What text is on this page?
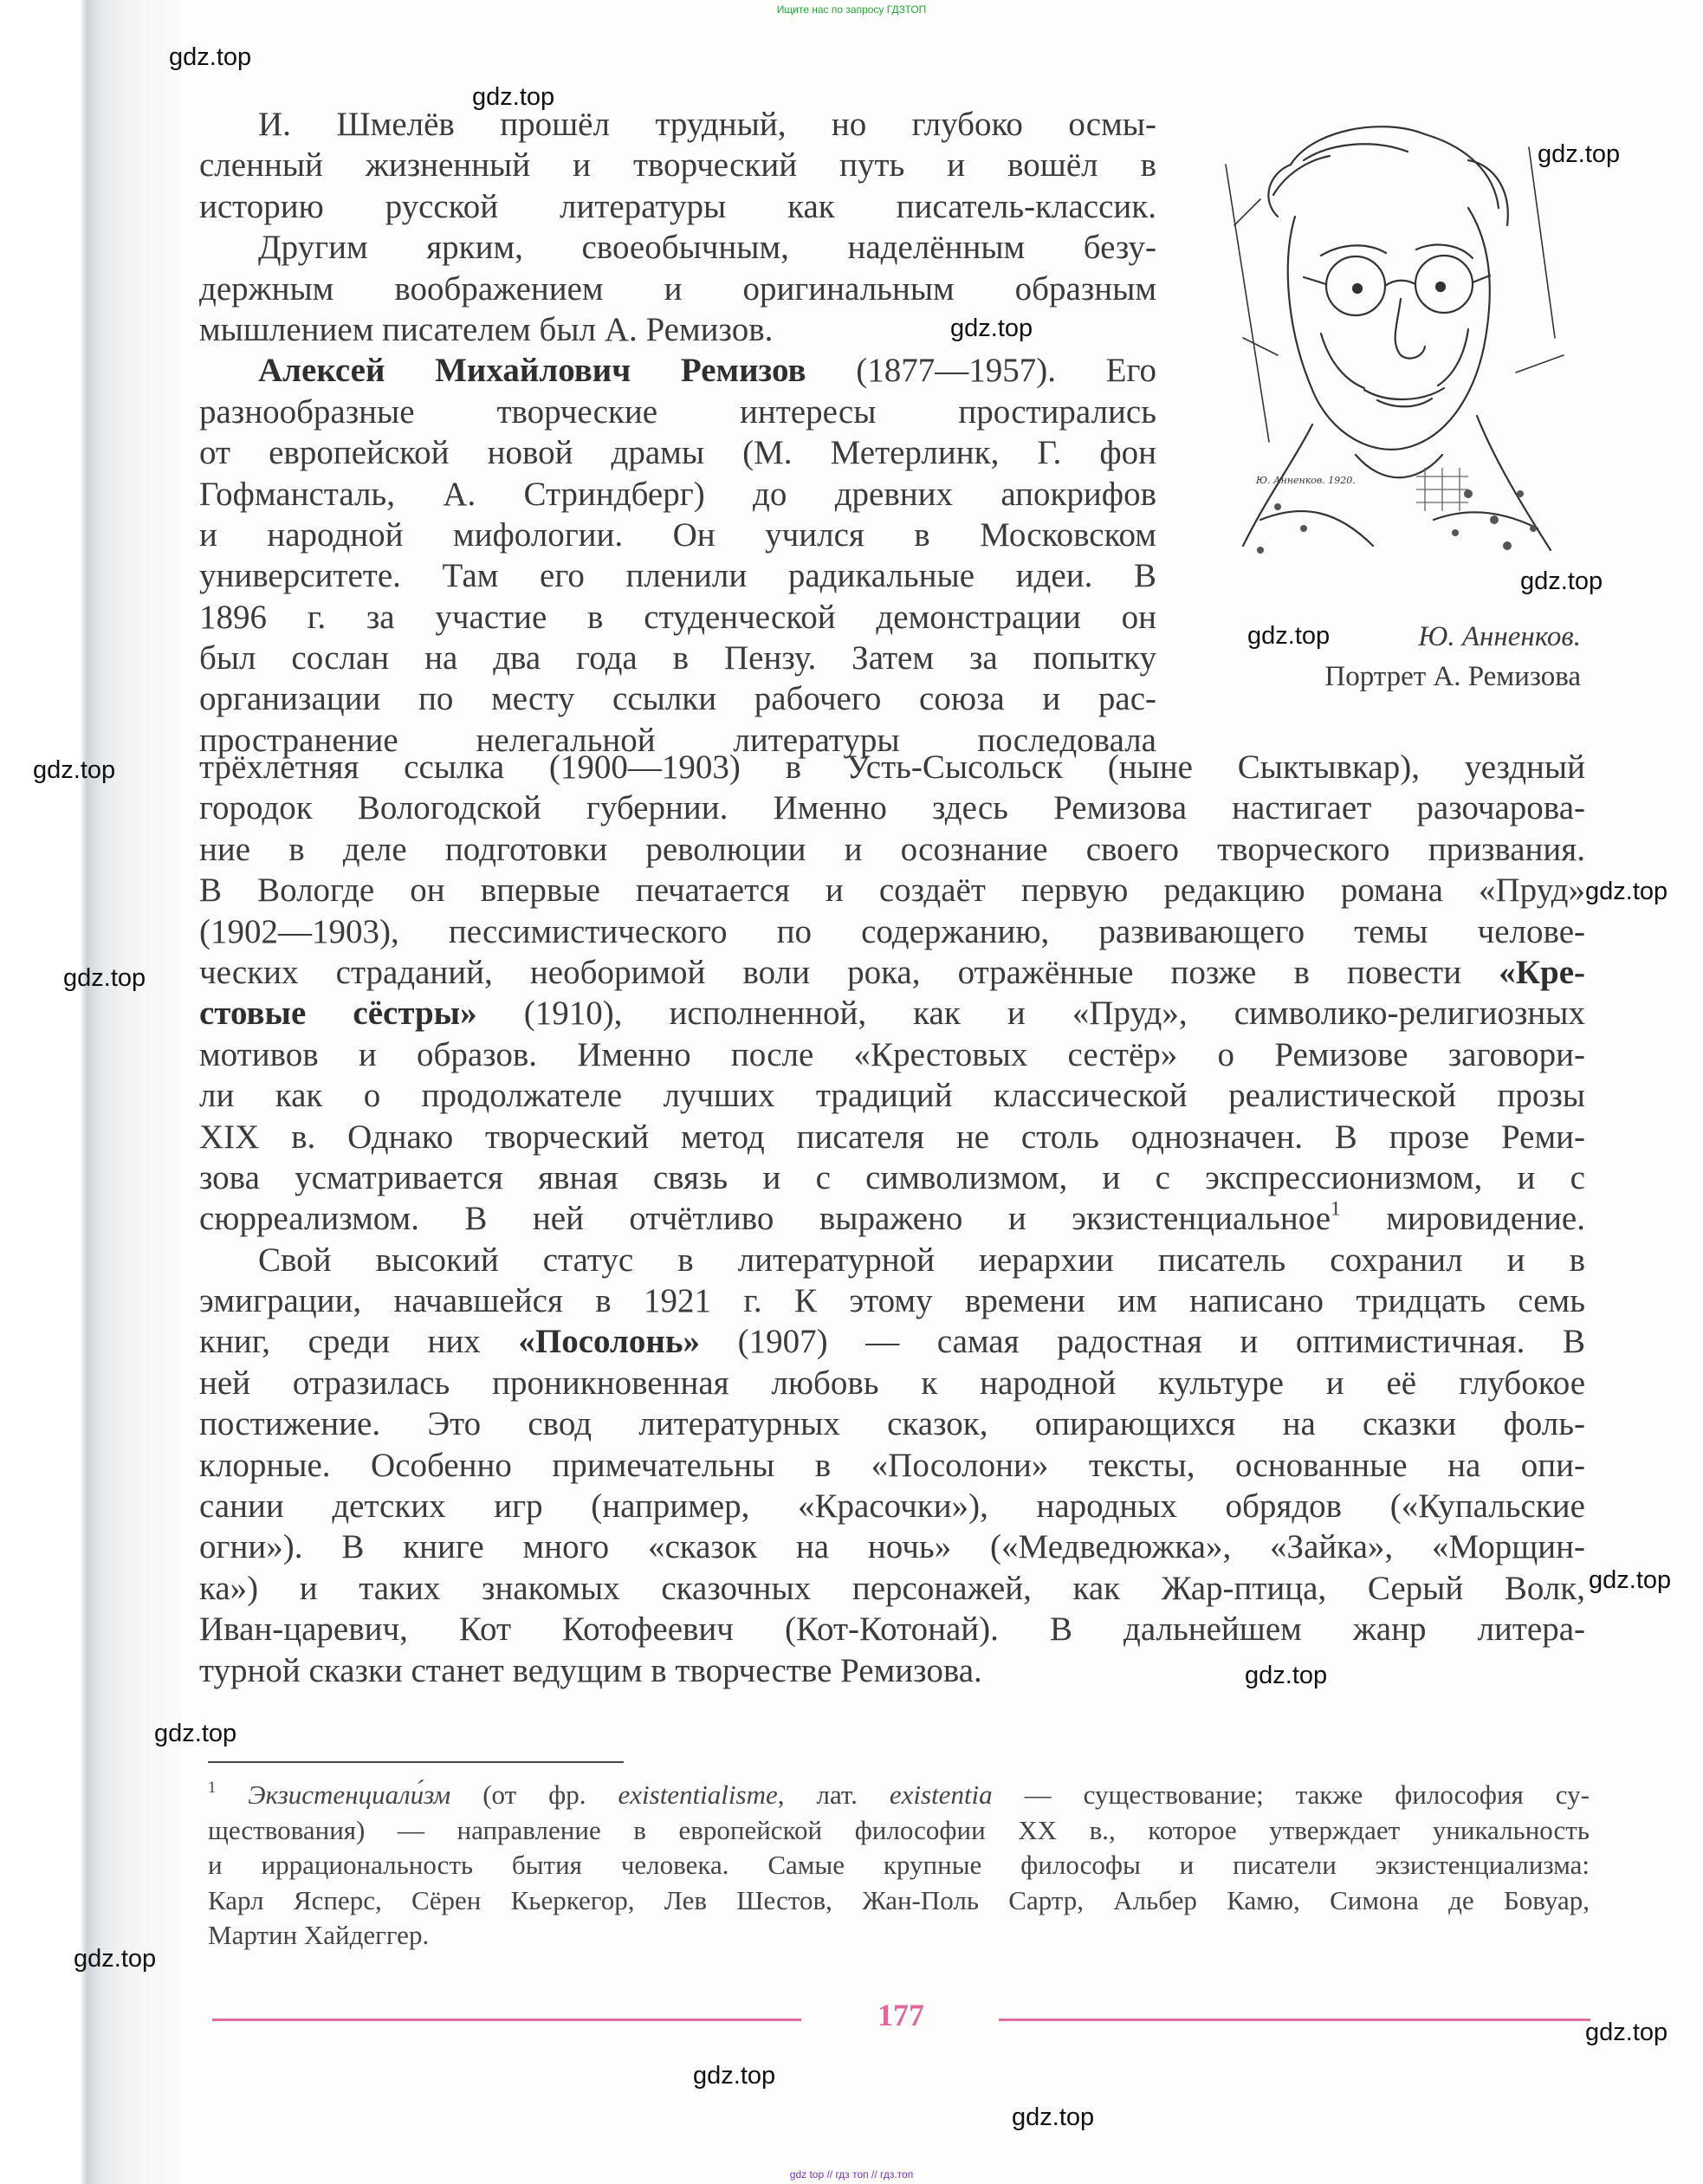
Ищите нас по запросу ГДЗТОП
И. Шмелёв прошёл трудный, но глубоко осмы-
сленный жизненный и творческий путь и вошёл в
историю русской литературы как писатель-классик.
Другим ярким, своеобычным, наделённым безу-
держным воображением и оригинальным образным
мышлением писателем был А. Ремизов.
Алексей Михайлович Ремизов (1877—1957). Его
разнообразные творческие интересы простирались
от европейской новой драмы (М. Метерлинк, Г. фон
Гофмансталь, А. Стриндберг) до древних апокрифов
и народной мифологии. Он учился в Московском
университете. Там его пленили радикальные идеи. В
1896 г. за участие в студенческой демонстрации он
был сослан на два года в Пензу. Затем за попытку
организации по месту ссылки рабочего союза и рас-
пространение нелегальной литературы последовала
трёхлетняя ссылка (1900—1903) в Усть-Сысольск (ныне Сыктывкар), уездный
городок Вологодской губернии. Именно здесь Ремизова настигает разочарова-
ние в деле подготовки революции и осознание своего творческого призвания.
В Вологде он впервые печатается и создаёт первую редакцию романа «Пруд»
(1902—1903), пессимистического по содержанию, развивающего темы челове-
ческих страданий, необоримой воли рока, отражённые позже в повести «Кре-
стовые сёстры» (1910), исполненной, как и «Пруд», символико-религиозных
мотивов и образов. Именно после «Крестовых сестёр» о Ремизове заговори-
ли как о продолжателе лучших традиций классической реалистической прозы
XIX в. Однако творческий метод писателя не столь однозначен. В прозе Реми-
зова усматривается явная связь и с символизмом, и с экспрессионизмом, и с
сюрреализмом. В ней отчётливо выражено и экзистенциальное$^1$ мировидение.
Свой высокий статус в литературной иерархии писатель сохранил и в
эмиграции, начавшейся в 1921 г. К этому времени им написано тридцать семь
книг, среди них «Посолонь» (1907) — самая радостная и оптимистичная. В
ней отразилась проникновенная любовь к народной культуре и её глубокое
постижение. Это свод литературных сказок, опирающихся на сказки фоль-
клорные. Особенно примечательны в «Посолони» тексты, основанные на опи-
сании детских игр (например, «Красочки»), народных обрядов («Купальские
огни»). В книге много «сказок на ночь» («Медведюжка», «Зайка», «Морщин-
ка») и таких знакомых сказочных персонажей, как Жар-птица, Серый Волк,
Иван-царевич, Кот Котофеевич (Кот-Котонай). В дальнейшем жанр литера-
турной сказки станет ведущим в творчестве Ремизова.
Ю. Анненков. 1920.
Ю. Анненков.
Портрет А. Ремизова
$^1$ Экзистенциали́зм (от фр. existentialisme, лат. existentia — существование; также философия су-
ществования) — направление в европейской философии XX в., которое утверждает уникальность
и иррациональность бытия человека. Самые крупные философы и писатели экзистенциализма:
Карл Ясперс, Сёрен Кьеркегор, Лев Шестов, Жан-Поль Сартр, Альбер Камю, Симона де Бовуар,
Мартин Хайдеггер.
177
gdz.top
gdz.top
gdz.top
gdz.top
gdz.top
gdz.top
gdz.top
gdz.top
gdz.top
gdz.top
gdz.top
gdz.top
gdz.top
gdz.top
gdz.top
gdz.top
gdz top // гдз топ // гдз.топ
